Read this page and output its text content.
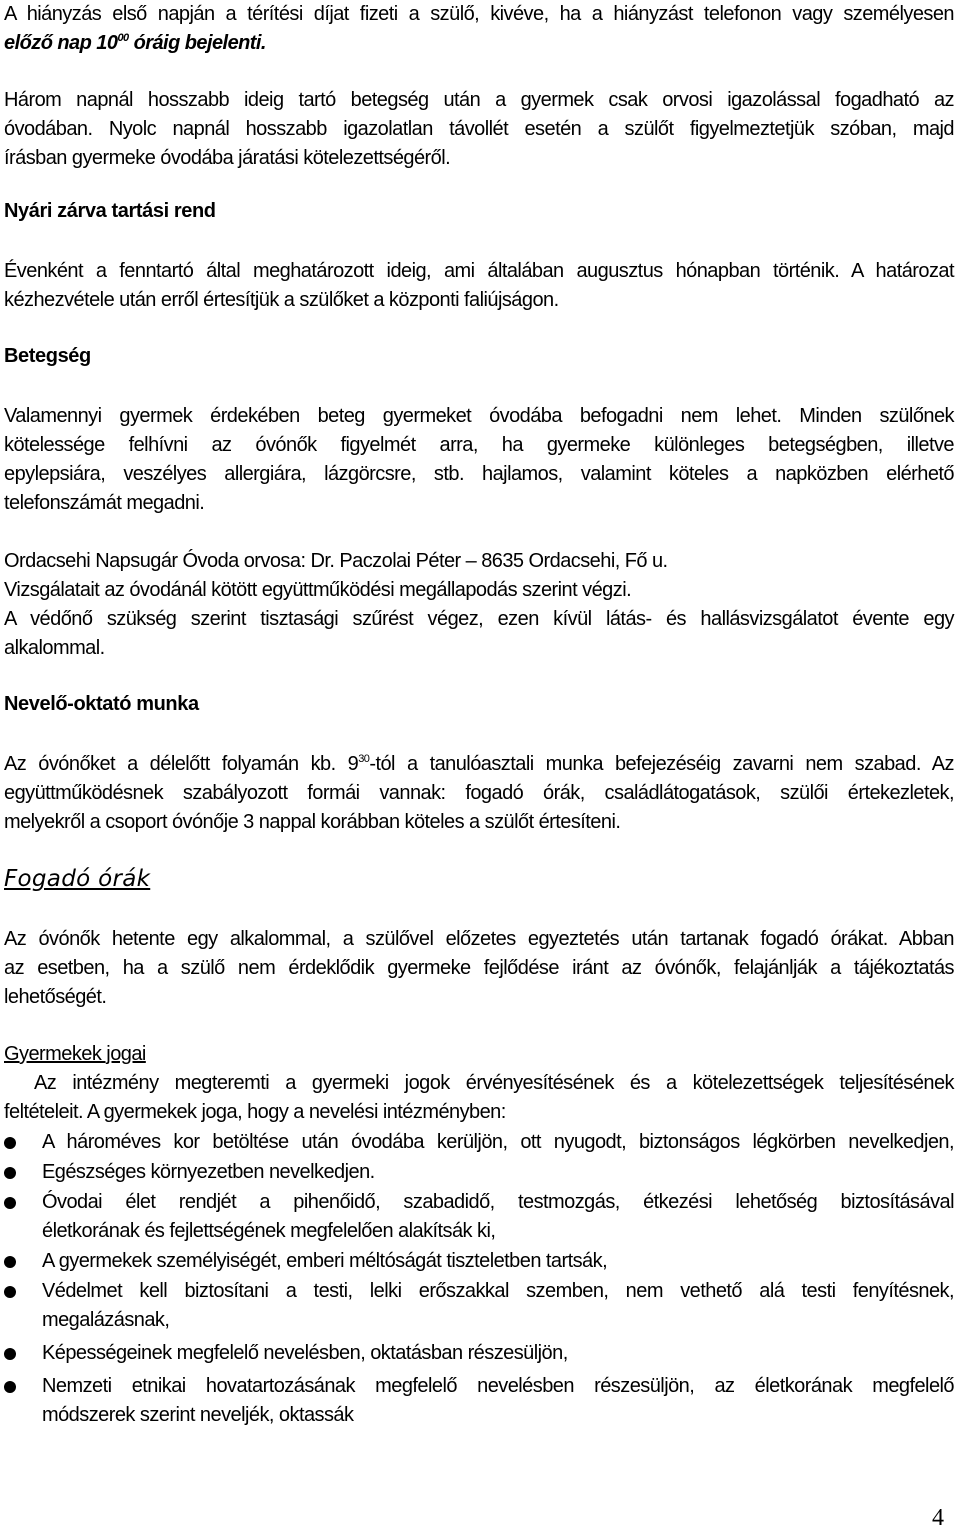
A hiányzás első napján a térítési díjat fizeti a szülő, kivéve, ha a hiányzást telefonon vagy személyesen
előző nap $10^{00}$ óráig bejelenti.
Három napnál hosszabb ideig tartó betegség után a gyermek csak orvosi igazolással fogadható az
óvodában. Nyolc napnál hosszabb igazolatlan távollét esetén a szülőt figyelmeztetjük szóban, majd
írásban gyermeke óvodába járatási kötelezettségéről.
Nyári zárva tartási rend
Évenként a fenntartó által meghatározott ideig, ami általában augusztus hónapban történik. A határozat
kézhezvétele után erről értesítjük a szülőket a központi faliújságon.
Betegség
Valamennyi gyermek érdekében beteg gyermeket óvodába befogadni nem lehet. Minden szülőnek
kötelessége felhívni az óvónők figyelmét arra, ha gyermeke különleges betegségben, illetve
epylepsiára, veszélyes allergiára, lázgörcsre, stb. hajlamos, valamint köteles a napközben elérhető
telefonszámát megadni.
Ordacsehi Napsugár Óvoda orvosa: Dr. Paczolai Péter – 8635 Ordacsehi, Fő u.
Vizsgálatait az óvodánál kötött együttműködési megállapodás szerint végzi.
A védőnő szükség szerint tisztasági szűrést végez, ezen kívül látás- és hallásvizsgálatot évente egy
alkalommal.
Nevelő-oktató munka
Az óvónőket a délelőtt folyamán kb. $9^{30}$-tól a tanulóasztali munka befejezéséig zavarni nem szabad. Az
együttműködésnek szabályozott formái vannak: fogadó órák, családlátogatások, szülői értekezletek,
melyekről a csoport óvónője 3 nappal korábban köteles a szülőt értesíteni.
Fogadó órák
Az óvónők hetente egy alkalommal, a szülővel előzetes egyeztetés után tartanak fogadó órákat. Abban
az esetben, ha a szülő nem érdeklődik gyermeke fejlődése iránt az óvónők, felajánlják a tájékoztatás
lehetőségét.
Gyermekek jogai
Az intézmény megteremti a gyermeki jogok érvényesítésének és a kötelezettségek teljesítésének
feltételeit. A gyermekek joga, hogy a nevelési intézményben:
A hároméves kor betöltése után óvodába kerüljön, ott nyugodt, biztonságos légkörben nevelkedjen,
Egészséges környezetben nevelkedjen.
Óvodai élet rendjét a pihenőidő, szabadidő, testmozgás, étkezési lehetőség biztosításával
életkorának és fejlettségének megfelelően alakítsák ki,
A gyermekek személyiségét, emberi méltóságát tiszteletben tartsák,
Védelmet kell biztosítani a testi, lelki erőszakkal szemben, nem vethető alá testi fenyítésnek,
megalázásnak,
Képességeinek megfelelő nevelésben, oktatásban részesüljön,
Nemzeti etnikai hovatartozásának megfelelő nevelésben részesüljön, az életkorának megfelelő
módszerek szerint neveljék, oktassák
4
